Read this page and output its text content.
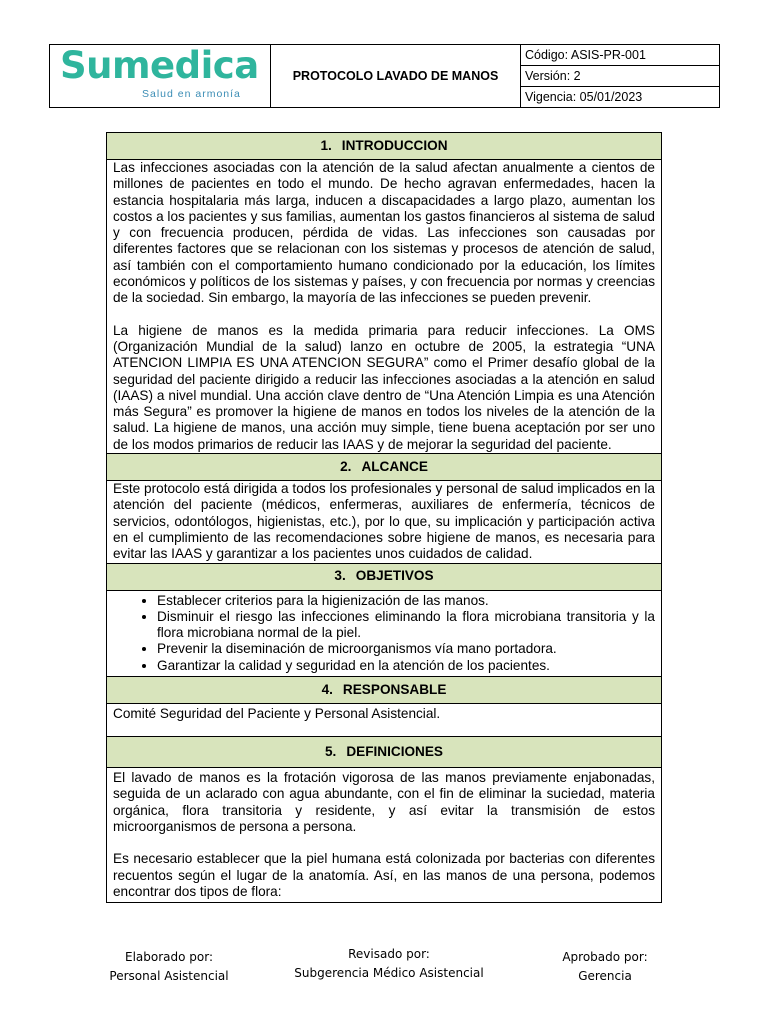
Sumedica
Salud en armonía
	PROTOCOLO LAVADO DE MANOS	Código: ASIS-PR-001
Versión: 2
Vigencia: 05/01/2023
1. INTRODUCCION

Las infecciones asociadas con la atención de la salud afectan anualmente a cientos de millones de pacientes en todo el mundo. De hecho agravan enfermedades, hacen la estancia hospitalaria más larga, inducen a discapacidades a largo plazo, aumentan los costos a los pacientes y sus familias, aumentan los gastos financieros al sistema de salud y con frecuencia producen, pérdida de vidas. Las infecciones son causadas por diferentes factores que se relacionan con los sistemas y procesos de atención de salud, así también con el comportamiento humano condicionado por la educación, los límites económicos y políticos de los sistemas y países, y con frecuencia por normas y creencias de la sociedad. Sin embargo, la mayoría de las infecciones se pueden prevenir.

La higiene de manos es la medida primaria para reducir infecciones. La OMS (Organización Mundial de la salud) lanzo en octubre de 2005, la estrategia “UNA ATENCION LIMPIA ES UNA ATENCION SEGURA” como el Primer desafío global de la seguridad del paciente dirigido a reducir las infecciones asociadas a la atención en salud (IAAS) a nivel mundial. Una acción clave dentro de “Una Atención Limpia es una Atención más Segura” es promover la higiene de manos en todos los niveles de la atención de la salud. La higiene de manos, una acción muy simple, tiene buena aceptación por ser uno de los modos primarios de reducir las IAAS y de mejorar la seguridad del paciente.

2. ALCANCE

Este protocolo está dirigida a todos los profesionales y personal de salud implicados en la atención del paciente (médicos, enfermeras, auxiliares de enfermería, técnicos de servicios, odontólogos, higienistas, etc.), por lo que, su implicación y participación activa en el cumplimiento de las recomendaciones sobre higiene de manos, es necesaria para evitar las IAAS y garantizar a los pacientes unos cuidados de calidad.

3. OBJETIVOS

• Establecer criterios para la higienización de las manos.
• Disminuir el riesgo las infecciones eliminando la flora microbiana transitoria y la flora microbiana normal de la piel.
• Prevenir la diseminación de microorganismos vía mano portadora.
• Garantizar la calidad y seguridad en la atención de los pacientes.

4. RESPONSABLE

Comité Seguridad del Paciente y Personal Asistencial.

5. DEFINICIONES

El lavado de manos es la frotación vigorosa de las manos previamente enjabonadas, seguida de un aclarado con agua abundante, con el fin de eliminar la suciedad, materia orgánica, flora transitoria y residente, y así evitar la transmisión de estos microorganismos de persona a persona.

Es necesario establecer que la piel humana está colonizada por bacterias con diferentes recuentos según el lugar de la anatomía. Así, en las manos de una persona, podemos encontrar dos tipos de flora:

Elaborado por:
Personal Asistencial
Revisado por:
Subgerencia Médico Asistencial
Aprobado por:
Gerencia
